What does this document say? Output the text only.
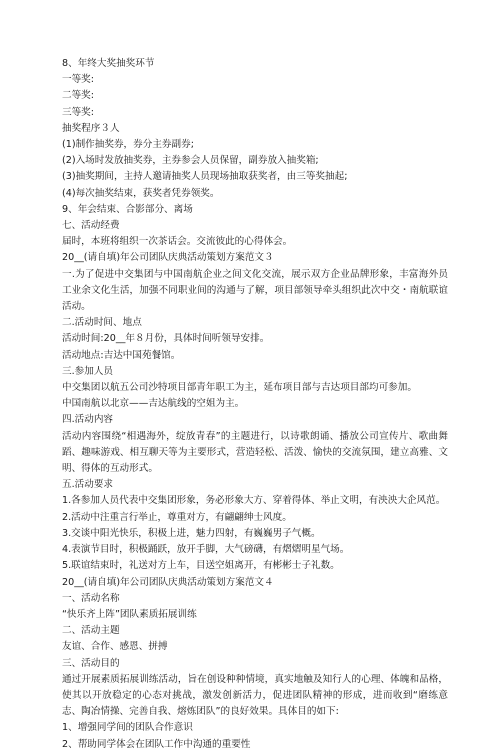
8、年终大奖抽奖环节
一等奖:
二等奖:
三等奖:
抽奖程序３人
(1)制作抽奖券，券分主券副券;
(2)入场时发放抽奖券，主券参会人员保留，副券放入抽奖箱;
(3)抽奖期间，主持人邀请抽奖人员现场抽取获奖者，由三等奖抽起;
(4)每次抽奖结束，获奖者凭券领奖。
9、年会结束、合影部分、离场
七、活动经费
届时，本班将组织一次茶话会。交流彼此的心得体会。
20__(请自填)年公司团队庆典活动策划方案范文３
一.为了促进中交集团与中国南航企业之间文化交流，展示双方企业品牌形象，丰富海外员工业余文化生活，加强不同职业间的沟通与了解，项目部领导牵头组织此次中交・南航联谊活动。
二.活动时间、地点
活动时间:20__年８月份，具体时间听领导安排。
活动地点:吉达中国苑餐馆。
三.参加人员
中交集团以航五公司沙特项目部青年职工为主，延布项目部与吉达项目部均可参加。
中国南航以北京——吉达航线的空姐为主。
四.活动内容
活动内容围绕“相遇海外，绽放青春”的主题进行，以诗歌朗诵、播放公司宣传片、歌曲舞蹈、趣味游戏、相互聊天等为主要形式，营造轻松、活泼、愉快的交流氛围，建立高雅、文明、得体的互动形式。
五.活动要求
1.各参加人员代表中交集团形象，务必形象大方、穿着得体、举止文明，有泱泱大企风范。
2.活动中注重言行举止，尊重对方，有翩翩绅士风度。
3.交谈中阳光快乐，积极上进，魅力四射，有巍巍男子气概。
4.表演节目时，积极踊跃，放开手脚，大气磅礴，有熠熠明星气场。
5.联谊结束时，礼送对方上车，目送空姐离开，有彬彬士子礼数。
20__(请自填)年公司团队庆典活动策划方案范文４
一、活动名称
“快乐齐上阵”团队素质拓展训练
二、活动主题
友谊、合作、感恩、拼搏
三、活动目的
通过开展素质拓展训练活动，旨在创设种种情境，真实地触及知行人的心理、体魄和品格，使其以开放稳定的心态对挑战，激发创新活力，促进团队精神的形成，进而收到“磨练意志、陶冶情操、完善自我、熔炼团队”的良好效果。具体目的如下:
1、增强同学间的团队合作意识
2、帮助同学体会在团队工作中沟通的重要性
